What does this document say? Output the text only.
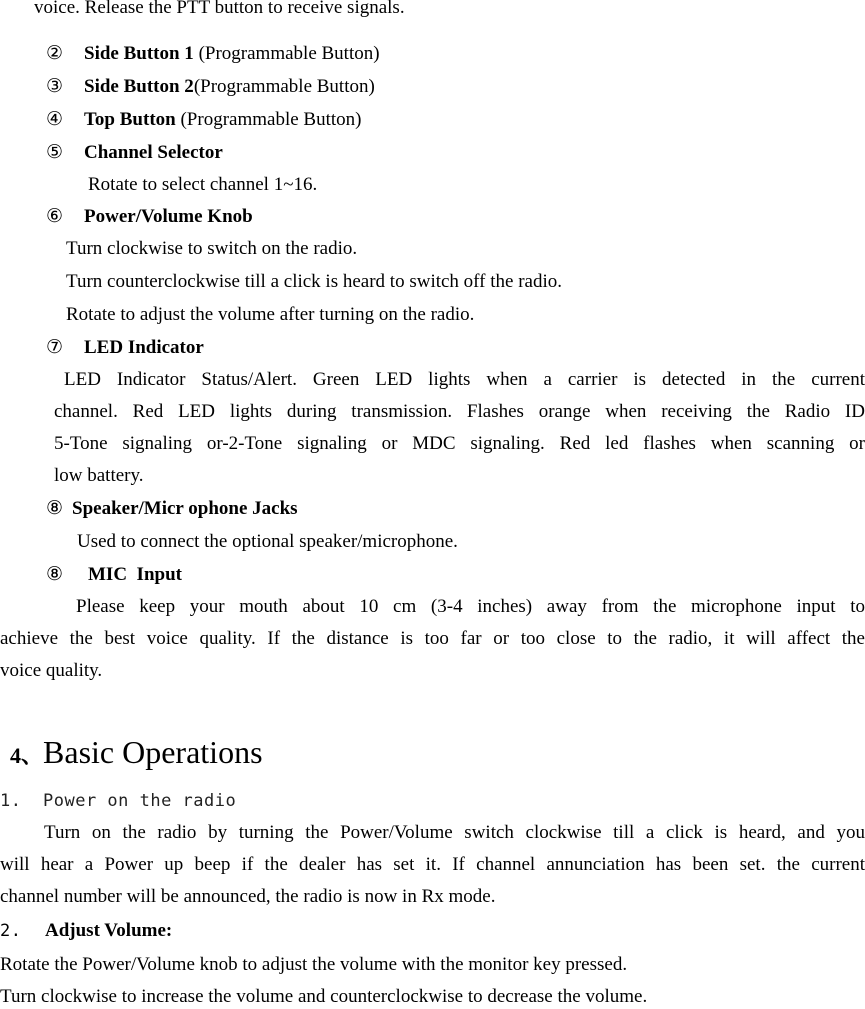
voice. Release the PTT button to receive signals.
② Side Button 1 (Programmable Button)
③ Side Button 2(Programmable Button)
④ Top Button (Programmable Button)
⑤ Channel Selector
Rotate to select channel 1~16.
⑥ Power/Volume Knob
Turn clockwise to switch on the radio.
Turn counterclockwise till a click is heard to switch off the radio.
Rotate to adjust the volume after turning on the radio.
⑦ LED Indicator
LED Indicator Status/Alert. Green LED lights when a carrier is detected in the current
channel. Red LED lights during transmission. Flashes orange when receiving the Radio ID
5-Tone signaling or-2-Tone signaling or MDC signaling. Red led flashes when scanning or
low battery.
⑧ Speaker/Micr ophone Jacks
Used to connect the optional speaker/microphone.
⑧ MIC  Input
Please keep your mouth about 10 cm (3-4 inches) away from the microphone input to
achieve the best voice quality. If the distance is too far or too close to the radio, it will affect the
voice quality.
4、Basic Operations
1. Power on the radio
Turn on the radio by turning the Power/Volume switch clockwise till a click is heard, and you
will hear a Power up beep if the dealer has set it. If channel annunciation has been set. the current
channel number will be announced, the radio is now in Rx mode.
2. Adjust Volume:
Rotate the Power/Volume knob to adjust the volume with the monitor key pressed.
Turn clockwise to increase the volume and counterclockwise to decrease the volume.
